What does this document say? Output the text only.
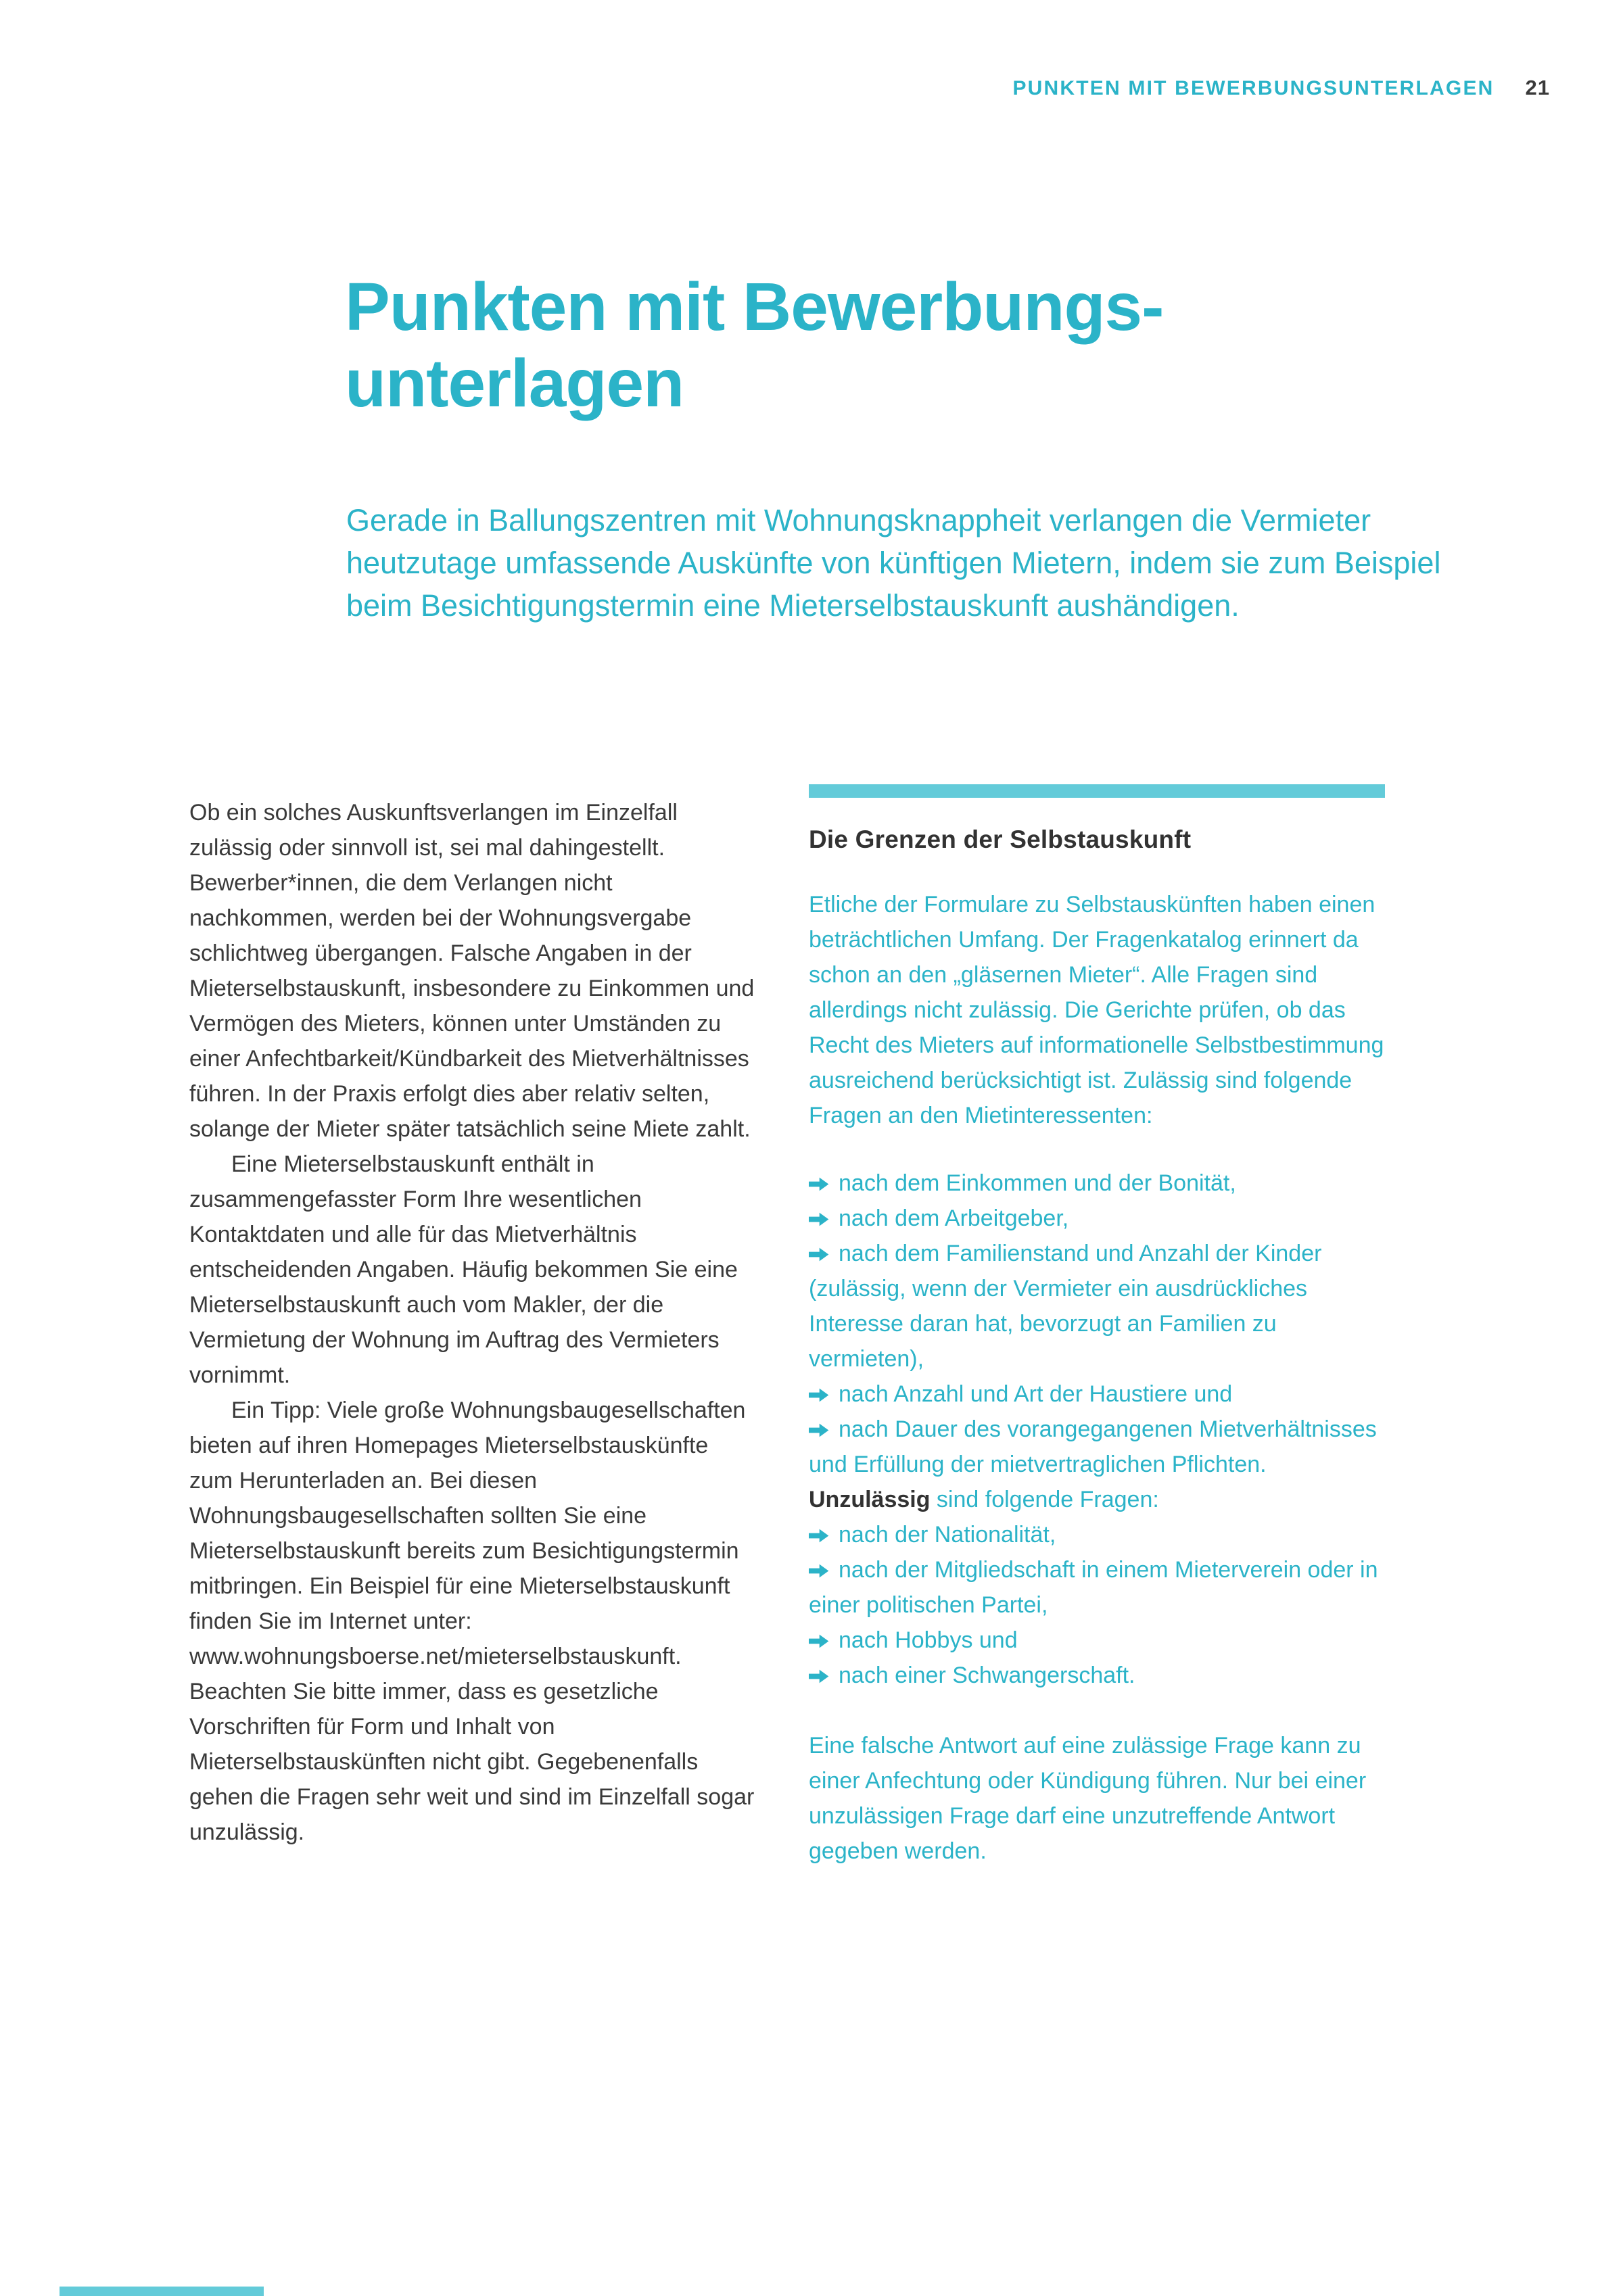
PUNKTEN MIT BEWERBUNGSUNTERLAGEN 21
Punkten mit Bewerbungs-
unterlagen

Gerade in Ballungszentren mit Wohnungsknappheit verlangen die Vermieter heutzutage umfassende Auskünfte von künftigen Mietern, indem sie zum Beispiel beim Besichtigungstermin eine Mieterselbstauskunft aushändigen.

Ob ein solches Auskunftsverlangen im Einzelfall zulässig oder sinnvoll ist, sei mal dahingestellt. Bewerber*innen, die dem Verlangen nicht nachkommen, werden bei der Wohnungsvergabe schlichtweg übergangen. Falsche Angaben in der Mieterselbstauskunft, insbesondere zu Einkommen und Vermögen des Mieters, können unter Umständen zu einer Anfechtbarkeit/Kündbarkeit des Mietverhältnisses führen. In der Praxis erfolgt dies aber relativ selten, solange der Mieter später tatsächlich seine Miete zahlt.

Eine Mieterselbstauskunft enthält in zusammengefasster Form Ihre wesentlichen Kontaktdaten und alle für das Mietverhältnis entscheidenden Angaben. Häufig bekommen Sie eine Mieterselbstauskunft auch vom Makler, der die Vermietung der Wohnung im Auftrag des Vermieters vornimmt.

Ein Tipp: Viele große Wohnungsbaugesellschaften bieten auf ihren Homepages Mieterselbstauskünfte zum Herunterladen an. Bei diesen Wohnungsbaugesellschaften sollten Sie eine Mieterselbstauskunft bereits zum Besichtigungstermin mitbringen. Ein Beispiel für eine Mieterselbstauskunft finden Sie im Internet unter: www.wohnungsboerse.net/mieterselbstauskunft. Beachten Sie bitte immer, dass es gesetzliche Vorschriften für Form und Inhalt von Mieterselbstauskünften nicht gibt. Gegebenenfalls gehen die Fragen sehr weit und sind im Einzelfall sogar unzulässig.

Die Grenzen der Selbstauskunft

Etliche der Formulare zu Selbstauskünften haben einen beträchtlichen Umfang. Der Fragenkatalog erinnert da schon an den „gläsernen Mieter“. Alle Fragen sind allerdings nicht zulässig. Die Gerichte prüfen, ob das Recht des Mieters auf informationelle Selbstbestimmung ausreichend berücksichtigt ist. Zulässig sind folgende Fragen an den Mietinteressenten:

nach dem Einkommen und der Bonität,
nach dem Arbeitgeber,
nach dem Familienstand und Anzahl der Kinder (zulässig, wenn der Vermieter ein ausdrückliches Interesse daran hat, bevorzugt an Familien zu vermieten),
nach Anzahl und Art der Haustiere und
nach Dauer des vorangegangenen Mietverhältnisses und Erfüllung der mietvertraglichen Pflichten.

Unzulässig sind folgende Fragen:

nach der Nationalität,
nach der Mitgliedschaft in einem Mieterverein oder in einer politischen Partei,
nach Hobbys und
nach einer Schwangerschaft.

Eine falsche Antwort auf eine zulässige Frage kann zu einer Anfechtung oder Kündigung führen. Nur bei einer unzulässigen Frage darf eine unzutreffende Antwort gegeben werden.
